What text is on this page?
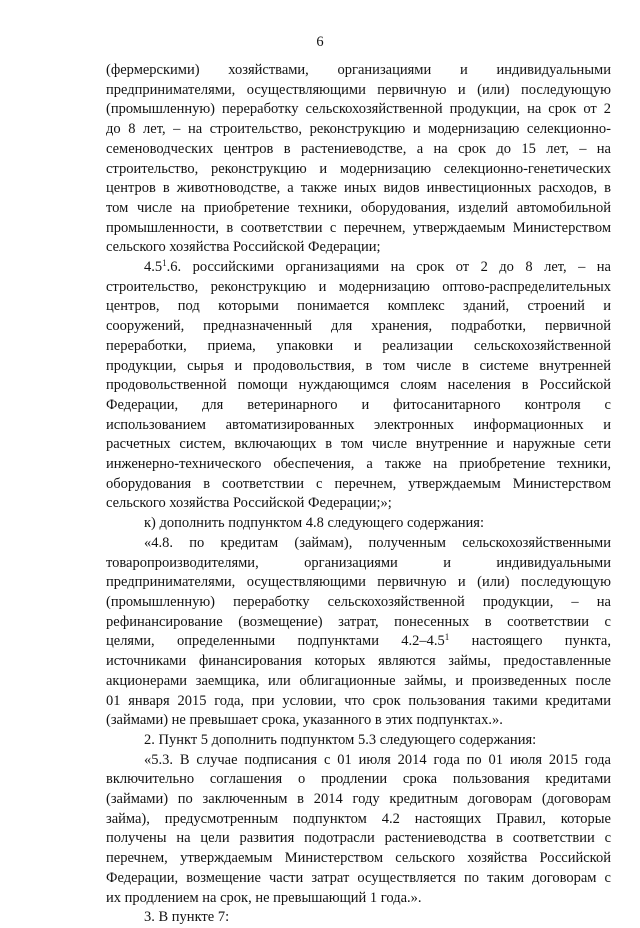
6
(фермерскими) хозяйствами, организациями и индивидуальными
предпринимателями, осуществляющими первичную и (или) последующую
(промышленную) переработку сельскохозяйственной продукции, на срок от 2
до 8 лет, – на строительство, реконструкцию и модернизацию селекционно-
семеноводческих центров в растениеводстве, а на срок до 15 лет, – на
строительство, реконструкцию и модернизацию селекционно-генетических
центров в животноводстве, а также иных видов инвестиционных расходов, в
том числе на приобретение техники, оборудования, изделий автомобильной
промышленности, в соответствии с перечнем, утверждаемым Министерством
сельского хозяйства Российской Федерации;
$4.5^1.6$. российскими организациями на срок от 2 до 8 лет, – на
строительство, реконструкцию и модернизацию оптово-распределительных
центров, под которыми понимается комплекс зданий, строений и
сооружений, предназначенный для хранения, подработки, первичной
переработки, приема, упаковки и реализации сельскохозяйственной
продукции, сырья и продовольствия, в том числе в системе внутренней
продовольственной помощи нуждающимся слоям населения в Российской
Федерации, для ветеринарного и фитосанитарного контроля с
использованием автоматизированных электронных информационных и
расчетных систем, включающих в том числе внутренние и наружные сети
инженерно-технического обеспечения, а также на приобретение техники,
оборудования в соответствии с перечнем, утверждаемым Министерством
сельского хозяйства Российской Федерации;»;
к) дополнить подпунктом 4.8 следующего содержания:
«4.8. по кредитам (займам), полученным сельскохозяйственными
товаропроизводителями, организациями и индивидуальными
предпринимателями, осуществляющими первичную и (или) последующую
(промышленную) переработку сельскохозяйственной продукции, – на
рефинансирование (возмещение) затрат, понесенных в соответствии с
целями, определенными подпунктами $4.2-4.5^1$ настоящего пункта,
источниками финансирования которых являются займы, предоставленные
акционерами заемщика, или облигационные займы, и произведенных после
01 января 2015 года, при условии, что срок пользования такими кредитами
(займами) не превышает срока, указанного в этих подпунктах.».
2. Пункт 5 дополнить подпунктом 5.3 следующего содержания:
«5.3. В случае подписания с 01 июля 2014 года по 01 июля 2015 года
включительно соглашения о продлении срока пользования кредитами
(займами) по заключенным в 2014 году кредитным договорам (договорам
займа), предусмотренным подпунктом 4.2 настоящих Правил, которые
получены на цели развития подотрасли растениеводства в соответствии с
перечнем, утверждаемым Министерством сельского хозяйства Российской
Федерации, возмещение части затрат осуществляется по таким договорам с
их продлением на срок, не превышающий 1 года.».
3. В пункте 7:
